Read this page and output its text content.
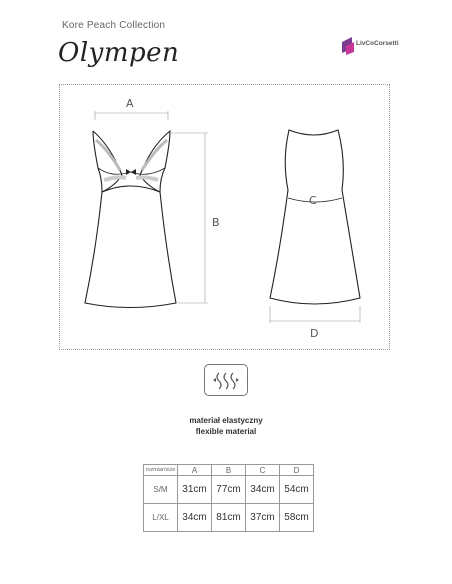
Kore Peach Collection
Olympen	LivCoCorsetti
A
B
C
D
materiał elastyczny
flexible material
rozmiar/size	A	B	C	D
S/M	31cm	77cm	34cm	54cm
L/XL	34cm	81cm	37cm	58cm
